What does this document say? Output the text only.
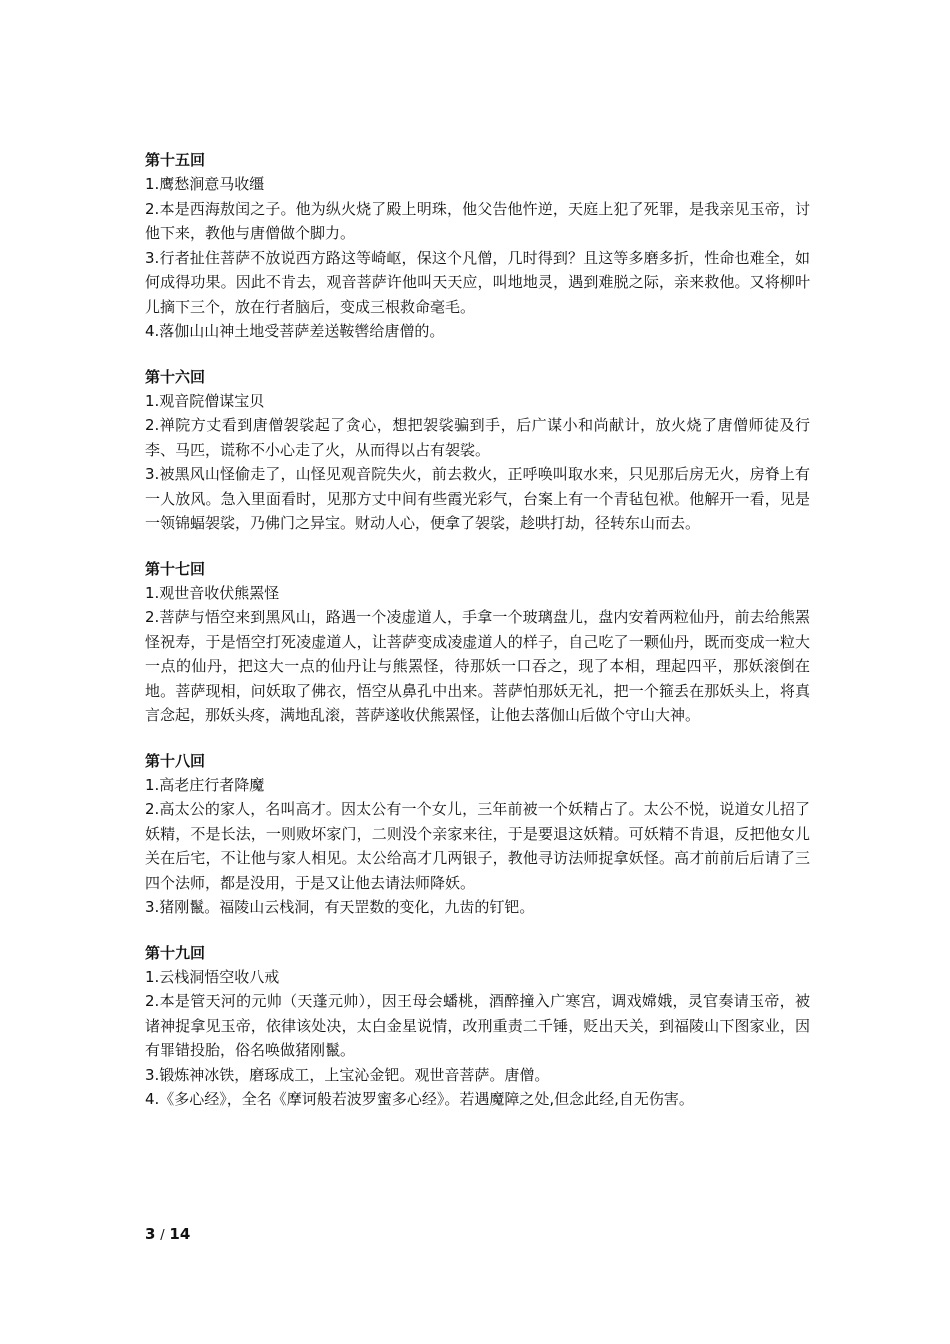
第十五回

1.鹰愁涧意马收缰

2.本是西海敖闰之子。他为纵火烧了殿上明珠，他父告他忤逆，天庭上犯了死罪，是我亲见玉帝，讨他下来，教他与唐僧做个脚力。

3.行者扯住菩萨不放说西方路这等崎岖，保这个凡僧，几时得到？且这等多磨多折，性命也难全，如何成得功果。因此不肯去，观音菩萨许他叫天天应，叫地地灵，遇到难脱之际，亲来救他。又将柳叶儿摘下三个，放在行者脑后，变成三根救命毫毛。

4.落伽山山神土地受菩萨差送鞍辔给唐僧的。

第十六回

1.观音院僧谋宝贝

2.禅院方丈看到唐僧袈裟起了贪心，想把袈裟骗到手，后广谋小和尚献计，放火烧了唐僧师徒及行李、马匹，谎称不小心走了火，从而得以占有袈裟。

3.被黑风山怪偷走了，山怪见观音院失火，前去救火，正呼唤叫取水来，只见那后房无火，房脊上有一人放风。急入里面看时，见那方丈中间有些霞光彩气，台案上有一个青毡包袱。他解开一看，见是一领锦蝠袈裟，乃佛门之异宝。财动人心，便拿了袈裟，趁哄打劫，径转东山而去。

第十七回

1.观世音收伏熊罴怪

2.菩萨与悟空来到黑风山，路遇一个凌虚道人，手拿一个玻璃盘儿，盘内安着两粒仙丹，前去给熊罴怪祝寿，于是悟空打死凌虚道人，让菩萨变成凌虚道人的样子，自己吃了一颗仙丹，既而变成一粒大一点的仙丹，把这大一点的仙丹让与熊罴怪，待那妖一口吞之，现了本相，理起四平，那妖滚倒在地。菩萨现相，问妖取了佛衣，悟空从鼻孔中出来。菩萨怕那妖无礼，把一个箍丢在那妖头上，将真言念起，那妖头疼，满地乱滚，菩萨遂收伏熊罴怪，让他去落伽山后做个守山大神。

第十八回

1.高老庄行者降魔

2.高太公的家人，名叫高才。因太公有一个女儿，三年前被一个妖精占了。太公不悦，说道女儿招了妖精，不是长法，一则败坏家门，二则没个亲家来往，于是要退这妖精。可妖精不肯退，反把他女儿关在后宅，不让他与家人相见。太公给高才几两银子，教他寻访法师捉拿妖怪。高才前前后后请了三四个法师，都是没用，于是又让他去请法师降妖。

3.猪刚鬣。福陵山云栈洞，有天罡数的变化，九齿的钉钯。

第十九回

1.云栈洞悟空收八戒

2.本是管天河的元帅（天蓬元帅），因王母会蟠桃，酒醉撞入广寒宫，调戏嫦娥，灵官奏请玉帝，被诸神捉拿见玉帝，依律该处决，太白金星说情，改刑重责二千锤，贬出天关，到福陵山下图家业，因有罪错投胎，俗名唤做猪刚鬣。

3.锻炼神冰铁，磨琢成工，上宝沁金钯。观世音菩萨。唐僧。

4.《多心经》，全名《摩诃般若波罗蜜多心经》。若遇魔障之处,但念此经,自无伤害。

3 / 14
